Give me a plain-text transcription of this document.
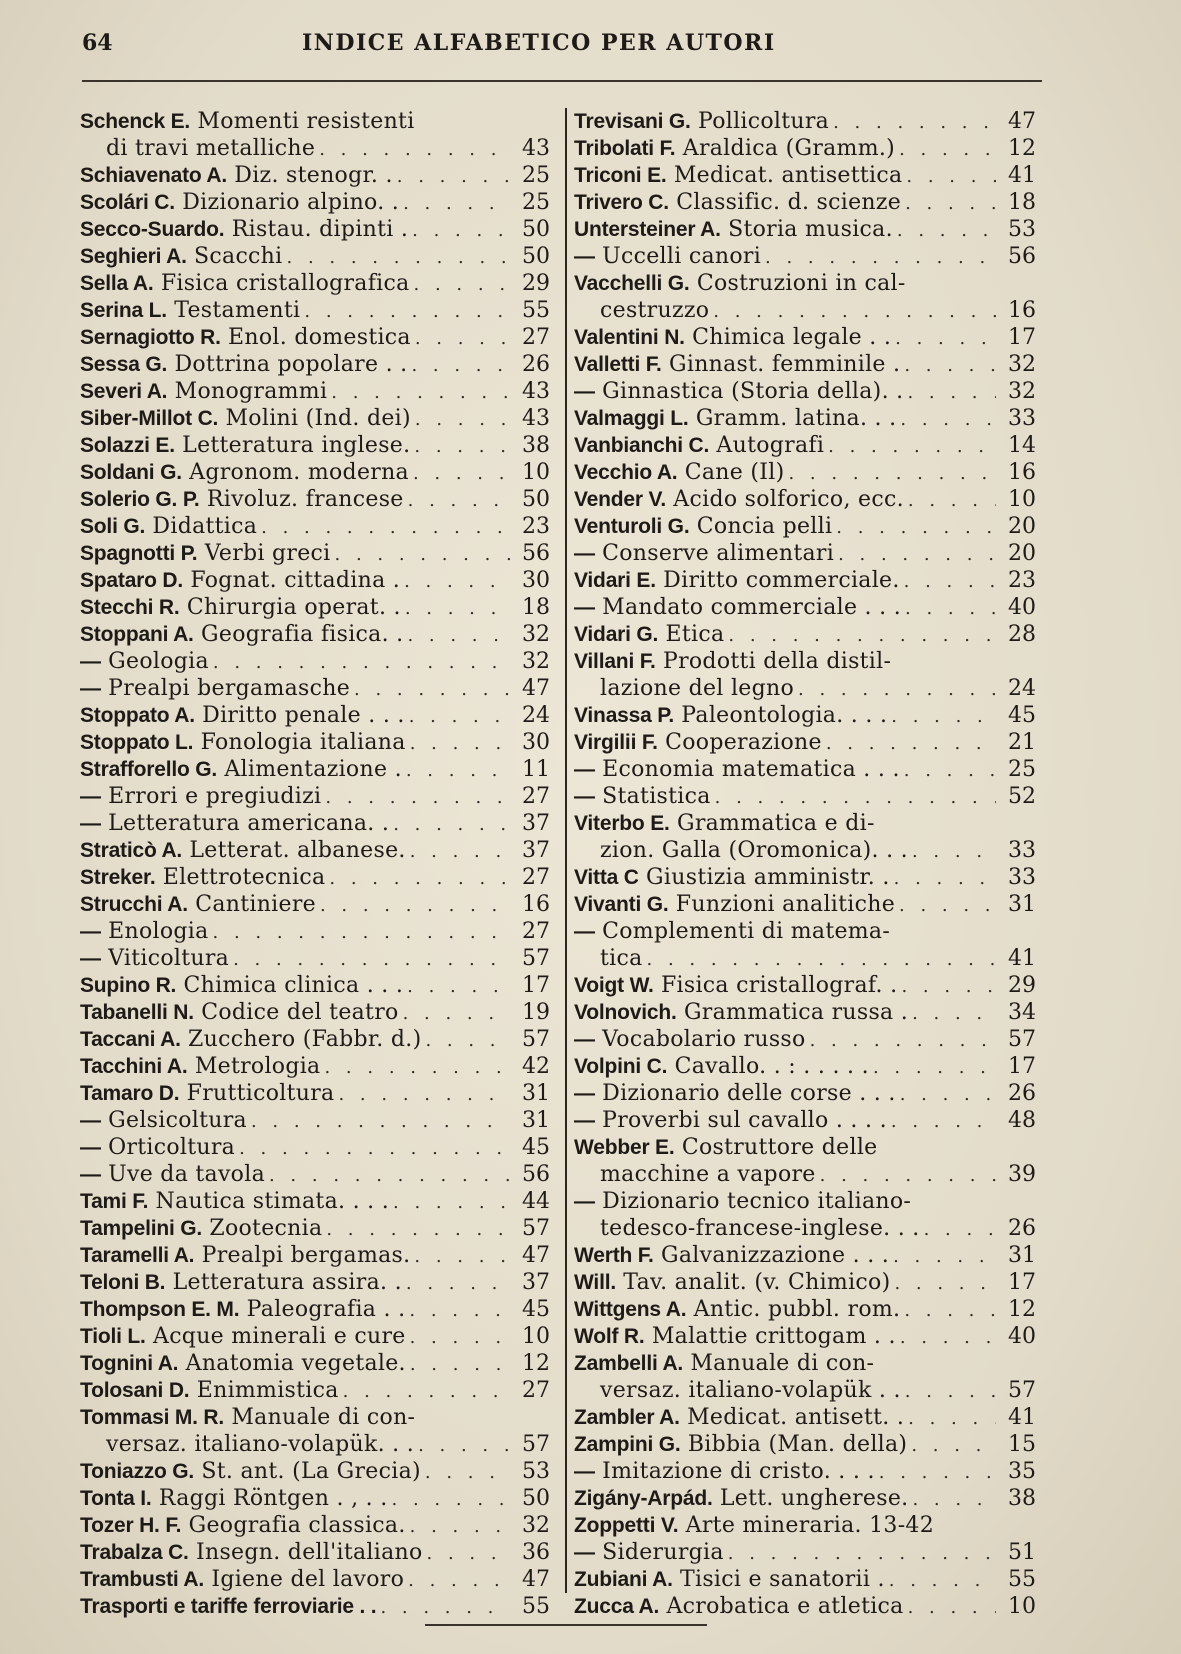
64	INDICE ALFABETICO PER AUTORI
Schenck E. Momenti resistenti
di travi metalliche . . .	43
Schiavenato A. Diz. stenogr. . . . .	25
Scolári C. Dizionario alpino. . . . .	25
Secco-Suardo. Ristau. dipinti . . . .	50
Seghieri A. Scacchi . . .	50
Sella A. Fisica cristallografica . . .	29
Serina L. Testamenti . . .	55
Sernagiotto R. Enol. domestica . . .	27
Sessa G. Dottrina popolare . . . . .	26
Severi A. Monogrammi . . .	43
Siber-Millot C. Molini (Ind. dei) . . .	43
Solazzi E. Letteratura inglese. . . .	38
Soldani G. Agronom. moderna . . .	10
Solerio G. P. Rivoluz. francese . . .	50
Soli G. Didattica . . .	23
Spagnotti P. Verbi greci . . .	56
Spataro D. Fognat. cittadina . . . .	30
Stecchi R. Chirurgia operat. . . . .	18
Stoppani A. Geografia fisica. . . . .	32
— Geologia . . .	32
— Prealpi bergamasche . . .	47
Stoppato A. Diritto penale . . . . . .	24
Stoppato L. Fonologia italiana . . .	30
Strafforello G. Alimentazione . . . .	11
— Errori e pregiudizi . . .	27
— Letteratura americana. . . . .	37
Straticò A. Letterat. albanese. . . .	37
Streker. Elettrotecnica . . .	27
Strucchi A. Cantiniere . . .	16
— Enologia . . .	27
— Viticoltura . . .	57
Supino R. Chimica clinica . . . . . .	17
Tabanelli N. Codice del teatro . . .	19
Taccani A. Zucchero (Fabbr. d.) . . .	57
Tacchini A. Metrologia . . .	42
Tamaro D. Frutticoltura . . .	31
— Gelsicoltura . . .	31
— Orticoltura . . .	45
— Uve da tavola . . .	56
Tami F. Nautica stimata. . . . . . .	44
Tampelini G. Zootecnia . . .	57
Taramelli A. Prealpi bergamas. . . .	47
Teloni B. Letteratura assira. . . . .	37
Thompson E. M. Paleografia . . . . .	45
Tioli L. Acque minerali e cure . . .	10
Tognini A. Anatomia vegetale. . . .	12
Tolosani D. Enimmistica . . .	27
Tommasi M. R. Manuale di con-
versaz. italiano-volapük. . . . . .	57
Toniazzo G. St. ant. (La Grecia) . . .	53
Tonta I. Raggi Röntgen . , . . . . .	50
Tozer H. F. Geografia classica. . . .	32
Trabalza C. Insegn. dell'italiano . . .	36
Trambusti A. Igiene del lavoro . . .	47
Trasporti e tariffe ferroviarie . . . . .	55
Trevisani G. Pollicoltura . . .	47
Tribolati F. Araldica (Gramm.) . . .	12
Triconi E. Medicat. antisettica . . .	41
Trivero C. Classific. d. scienze . . .	18
Untersteiner A. Storia musica. . . .	53
— Uccelli canori . . .	56
Vacchelli G. Costruzioni in cal-
cestruzzo . . .	16
Valentini N. Chimica legale . . . . .	17
Valletti F. Ginnast. femminile . . . .	32
— Ginnastica (Storia della). . . . .	32
Valmaggi L. Gramm. latina. . . . . .	33
Vanbianchi C. Autografi . . .	14
Vecchio A. Cane (Il) . . .	16
Vender V. Acido solforico, ecc. . . .	10
Venturoli G. Concia pelli . . .	20
— Conserve alimentari . . .	20
Vidari E. Diritto commerciale. . . .	23
— Mandato commerciale . . . . . .	40
Vidari G. Etica . . .	28
Villani F. Prodotti della distil-
lazione del legno . . .	24
Vinassa P. Paleontologia. . . . . . .	45
Virgilii F. Cooperazione . . .	21
— Economia matematica . . . . . .	25
— Statistica . . .	52
Viterbo E. Grammatica e di-
zion. Galla (Oromonica). . . . . .	33
Vitta C Giustizia amministr. . . . .	33
Vivanti G. Funzioni analitiche . . .	31
— Complementi di matema-
tica . . .	41
Voigt W. Fisica cristallograf. . . . .	29
Volnovich. Grammatica russa . . . .	34
— Vocabolario russo . . .	57
Volpini C. Cavallo. . : . . . . . . . .	17
— Dizionario delle corse . . . . . .	26
— Proverbi sul cavallo . . . . . . .	48
Webber E. Costruttore delle
macchine a vapore . . .	39
— Dizionario tecnico italiano-
tedesco-francese-inglese. . . . . .	26
Werth F. Galvanizzazione . . . . . .	31
Will. Tav. analit. (v. Chimico) . . .	17
Wittgens A. Antic. pubbl. rom. . . .	12
Wolf R. Malattie crittogam . . . . .	40
Zambelli A. Manuale di con-
versaz. italiano-volapük . . . . .	57
Zambler A. Medicat. antisett. . . . .	41
Zampini G. Bibbia (Man. della) . . .	15
— Imitazione di cristo. . . . . . .	35
Zigány-Arpád. Lett. ungherese. . . .	38
Zoppetti V. Arte mineraria. 13-42
— Siderurgia . . .	51
Zubiani A. Tisici e sanatorii . . . .	55
Zucca A. Acrobatica e atletica . . .	10
